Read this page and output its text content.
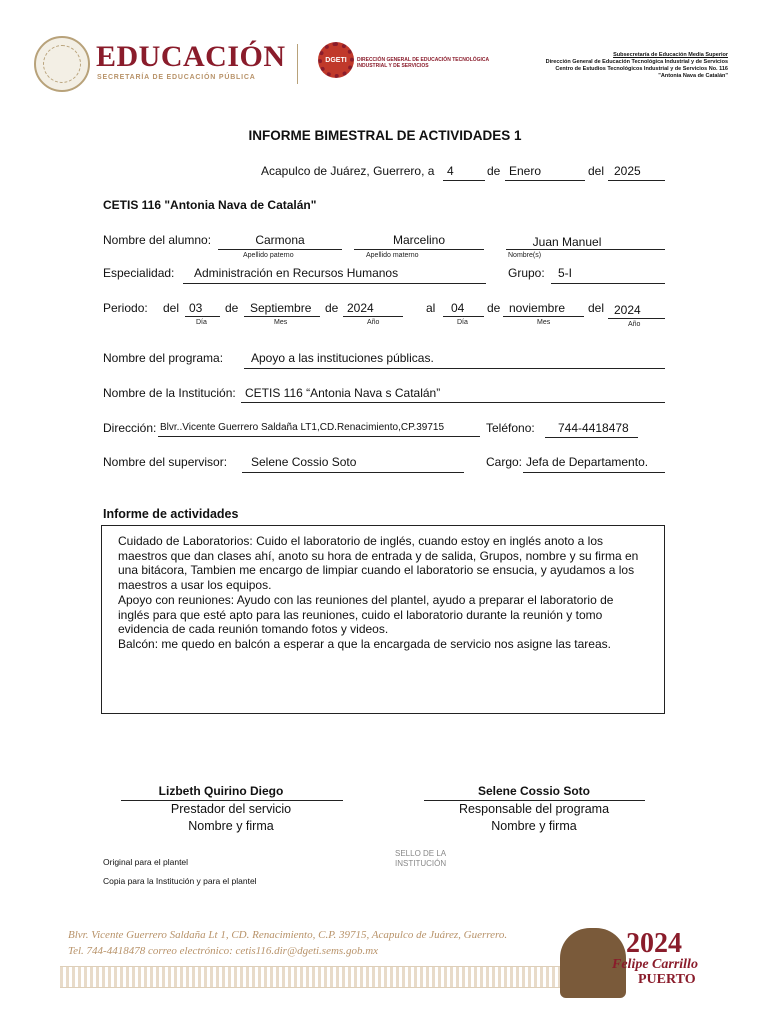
EDUCACIÓN
SECRETARÍA DE EDUCACIÓN PÚBLICA
DGETI DIRECCIÓN GENERAL DE EDUCACIÓN TECNOLÓGICA INDUSTRIAL Y DE SERVICIOS
Subsecretaría de Educación Media Superior
Dirección General de Educación Tecnológica Industrial y de Servicios
Centro de Estudios Tecnológicos Industrial y de Servicios No. 116
"Antonia Nava de Catalán"
INFORME BIMESTRAL DE ACTIVIDADES 1
Acapulco de Juárez, Guerrero, a 4	de Enero	del 2025
CETIS 116 "Antonia Nava de Catalán"
Nombre del alumno:	Carmona
Apellido paterno
Marcelino
Apellido materno
Juan Manuel
Nombre(s)
Especialidad: Administración en Recursos Humanos	Grupo: 5-I
Periodo: del 03
Día
de Septiembre
Mes
de 2024
Año
al 04
Día
de noviembre
Mes
del 2024
Año
Nombre del programa: Apoyo a las instituciones públicas.
Nombre de la Institución: CETIS 116 “Antonia Nava s Catalán”
Dirección: Blvr..Vicente Guerrero Saldaña LT1,CD.Renacimiento,CP.39715	Teléfono: 744-4418478
Nombre del supervisor: Selene Cossio Soto	Cargo: Jefa de Departamento.
Informe de actividades

Cuidado de Laboratorios: Cuido el laboratorio de inglés, cuando estoy en inglés anoto a los maestros que dan clases ahí, anoto su hora de entrada y de salida, Grupos, nombre y su firma en una bitácora, Tambien me encargo de limpiar cuando el laboratorio se ensucia, y ayudamos a los maestros a usar los equipos.

Apoyo con reuniones: Ayudo con las reuniones del plantel, ayudo a preparar el laboratorio de inglés para que esté apto para las reuniones, cuido el laboratorio durante la reunión y tomo evidencia de cada reunión tomando fotos y videos.

Balcón: me quedo en balcón a esperar a que la encargada de servicio nos asigne las tareas.

Lizbeth Quirino Diego
Prestador del servicio
Nombre y firma
Selene Cossio Soto
Responsable del programa
Nombre y firma
Original para el plantel
Copia para la Institución y para el plantel
SELLO DE LA INSTITUCIÓN
Blvr. Vicente Guerrero Saldaña Lt 1, CD. Renacimiento, C.P. 39715, Acapulco de Juárez, Guerrero.
Tel. 744-4418478 correo electrónico: cetis116.dir@dgeti.sems.gob.mx	2024
Felipe Carrillo
PUERTO
